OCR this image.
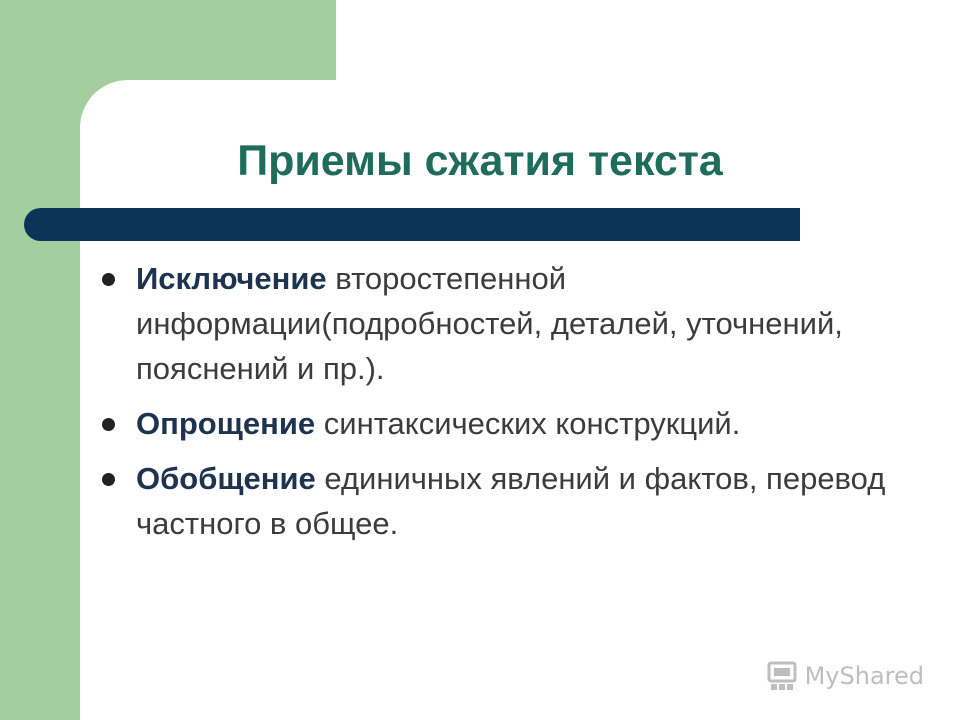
Приемы сжатия текста
Исключение второстепенной информации(подробностей, деталей, уточнений, пояснений и пр.).
Опрощение синтаксических конструкций.
Обобщение единичных явлений и фактов, перевод частного в общее.
MyShared
